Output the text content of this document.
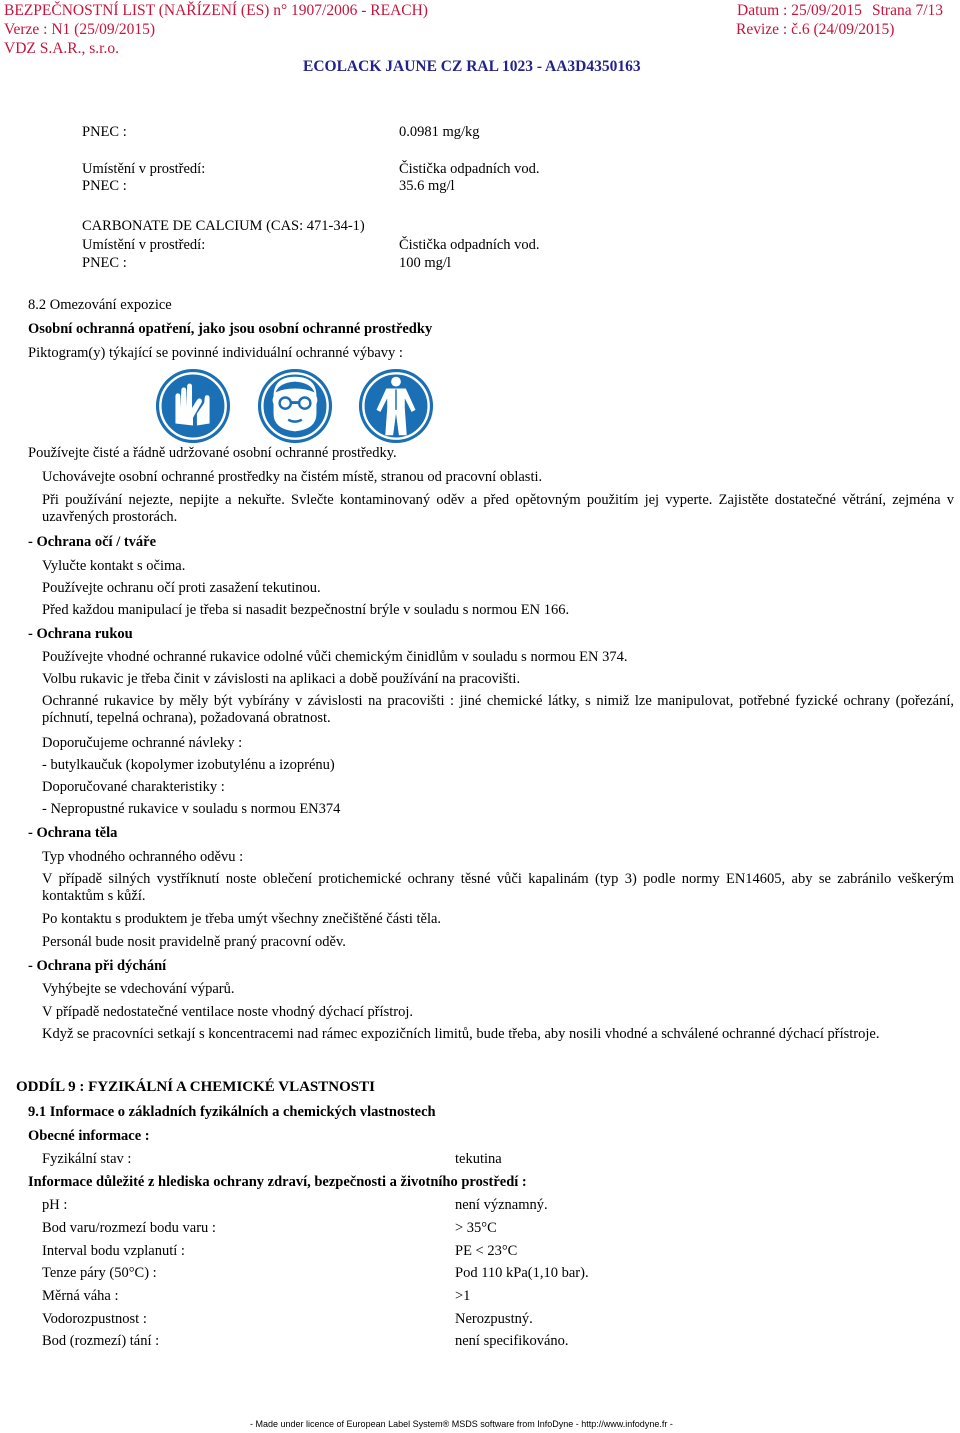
BEZPEČNOSTNÍ LIST (NAŘÍZENÍ (ES) n° 1907/2006 - REACH)	Datum : 25/09/2015 Strana 7/13
Verze : N1 (25/09/2015)	Revize : č.6 (24/09/2015)
VDZ S.A.R., s.r.o.
ECOLACK JAUNE CZ RAL 1023 - AA3D4350163
PNEC :	0.0981 mg/kg
Umístění v prostředí:	Čistička odpadních vod.
PNEC :	35.6 mg/l
CARBONATE DE CALCIUM (CAS: 471-34-1)
Umístění v prostředí:	Čistička odpadních vod.
PNEC :	100 mg/l
8.2 Omezování expozice
Osobní ochranná opatření, jako jsou osobní ochranné prostředky
Piktogram(y) týkající se povinné individuální ochranné výbavy :
Používejte čisté a řádně udržované osobní ochranné prostředky.
Uchovávejte osobní ochranné prostředky na čistém místě, stranou od pracovní oblasti.
Při používání nejezte, nepijte a nekuřte. Svlečte kontaminovaný oděv a před opětovným použitím jej vyperte. Zajistěte dostatečné větrání, zejména v uzavřených prostorách.
- Ochrana očí / tváře
Vylučte kontakt s očima.
Používejte ochranu očí proti zasažení tekutinou.
Před každou manipulací je třeba si nasadit bezpečnostní brýle v souladu s normou EN 166.
- Ochrana rukou
Používejte vhodné ochranné rukavice odolné vůči chemickým činidlům v souladu s normou EN 374.
Volbu rukavic je třeba činit v závislosti na aplikaci a době používání na pracovišti.
Ochranné rukavice by měly být vybírány v závislosti na pracovišti : jiné chemické látky, s nimiž lze manipulovat, potřebné fyzické ochrany (pořezání, píchnutí, tepelná ochrana), požadovaná obratnost.
Doporučujeme ochranné návleky :
- butylkaučuk (kopolymer izobutylénu a izoprénu)
Doporučované charakteristiky :
- Nepropustné rukavice v souladu s normou EN374
- Ochrana těla
Typ vhodného ochranného oděvu :
V případě silných vystříknutí noste oblečení protichemické ochrany těsné vůči kapalinám (typ 3) podle normy EN14605, aby se zabránilo veškerým kontaktům s kůží.
Po kontaktu s produktem je třeba umýt všechny znečištěné části těla.
Personál bude nosit pravidelně praný pracovní oděv.
- Ochrana při dýchání
Vyhýbejte se vdechování výparů.
V případě nedostatečné ventilace noste vhodný dýchací přístroj.
Když se pracovníci setkají s koncentracemi nad rámec expozičních limitů, bude třeba, aby nosili vhodné a schválené ochranné dýchací přístroje.
ODDÍL 9 : FYZIKÁLNÍ A CHEMICKÉ VLASTNOSTI
9.1 Informace o základních fyzikálních a chemických vlastnostech
Obecné informace :
Fyzikální stav :	tekutina
Informace důležité z hlediska ochrany zdraví, bezpečnosti a životního prostředí :
pH :	není významný.
Bod varu/rozmezí bodu varu :	> 35°C
Interval bodu vzplanutí :	PE < 23°C
Tenze páry (50°C) :	Pod 110 kPa(1,10 bar).
Měrná váha :	>1
Vodorozpustnost :	Nerozpustný.
Bod (rozmezí) tání :	není specifikováno.
- Made under licence of European Label System® MSDS software from InfoDyne - http://www.infodyne.fr -
